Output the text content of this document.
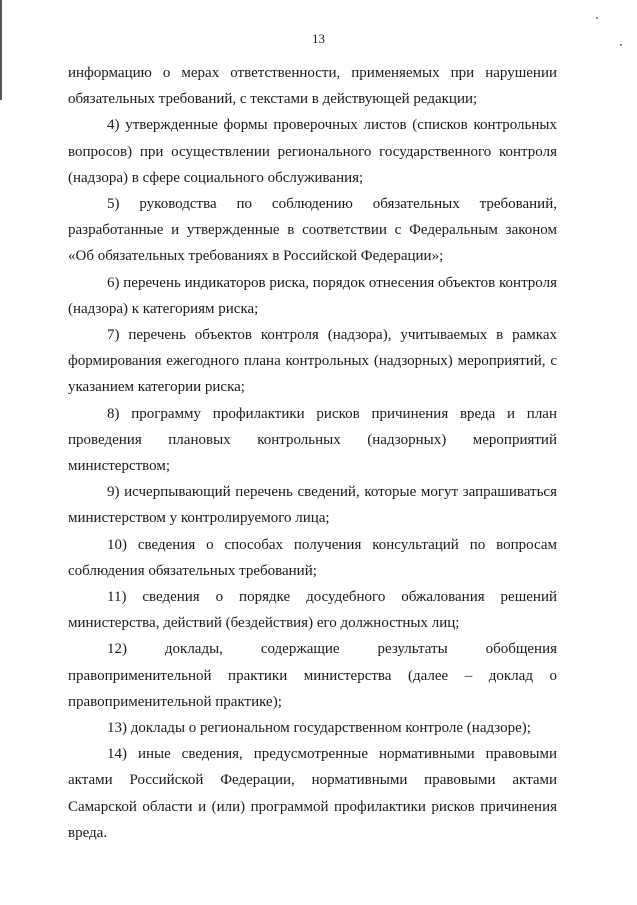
13

информацию о мерах ответственности, применяемых при нарушении обязательных требований, с текстами в действующей редакции;

4) утвержденные формы проверочных листов (списков контрольных вопросов) при осуществлении регионального государственного контроля (надзора) в сфере социального обслуживания;

5) руководства по соблюдению обязательных требований, разработанные и утвержденные в соответствии с Федеральным законом «Об обязательных требованиях в Российской Федерации»;

6) перечень индикаторов риска, порядок отнесения объектов контроля (надзора) к категориям риска;

7) перечень объектов контроля (надзора), учитываемых в рамках формирования ежегодного плана контрольных (надзорных) мероприятий, с указанием категории риска;

8) программу профилактики рисков причинения вреда и план проведения плановых контрольных (надзорных) мероприятий министерством;

9) исчерпывающий перечень сведений, которые могут запрашиваться министерством у контролируемого лица;

10) сведения о способах получения консультаций по вопросам соблюдения обязательных требований;

11) сведения о порядке досудебного обжалования решений министерства, действий (бездействия) его должностных лиц;

12) доклады, содержащие результаты обобщения правоприменительной практики министерства (далее – доклад о правоприменительной практике);

13) доклады о региональном государственном контроле (надзоре);

14) иные сведения, предусмотренные нормативными правовыми актами Российской Федерации, нормативными правовыми актами Самарской области и (или) программой профилактики рисков причинения вреда.
